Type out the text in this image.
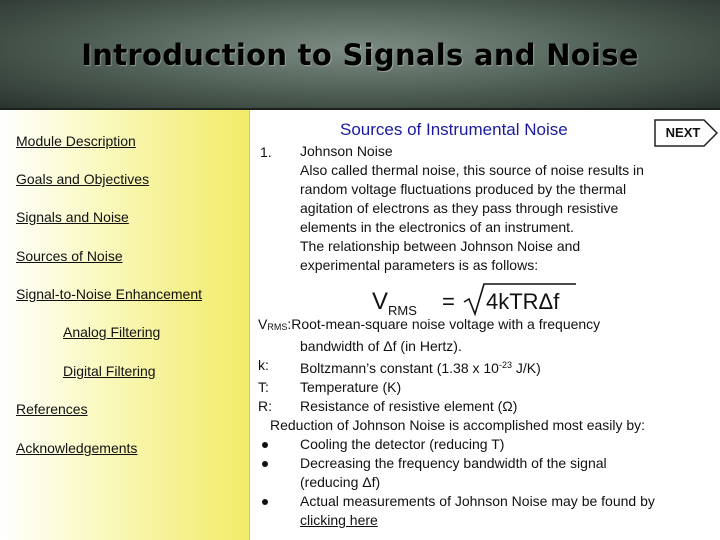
Introduction to Signals and Noise
Module Description
Goals and Objectives
Signals and Noise
Sources of Noise
Signal-to-Noise Enhancement
Analog Filtering
Digital Filtering
References
Acknowledgements
Sources of Instrumental Noise	NEXT
1. Johnson Noise

Also called thermal noise, this source of noise results in

random voltage fluctuations produced by the thermal

agitation of electrons as they pass through resistive

elements in the electronics of an instrument.

The relationship between Johnson Noise and

experimental parameters is as follows:

V RMS = 4kTRΔf
$V_{RMS}:Root-mean$-square noise voltage with a frequency
bandwidth of Δf (in Hertz).
k:	Boltzmann’s constant (1.38 x $10^{-23}$ J/K)
T:	Temperature (K)
R:	Resistance of resistive element (Ω)
Reduction of Johnson Noise is accomplished most easily by:
Cooling the detector (reducing T)
Decreasing the frequency bandwidth of the signal
(reducing Δf)
Actual measurements of Johnson Noise may be found by
clicking here
